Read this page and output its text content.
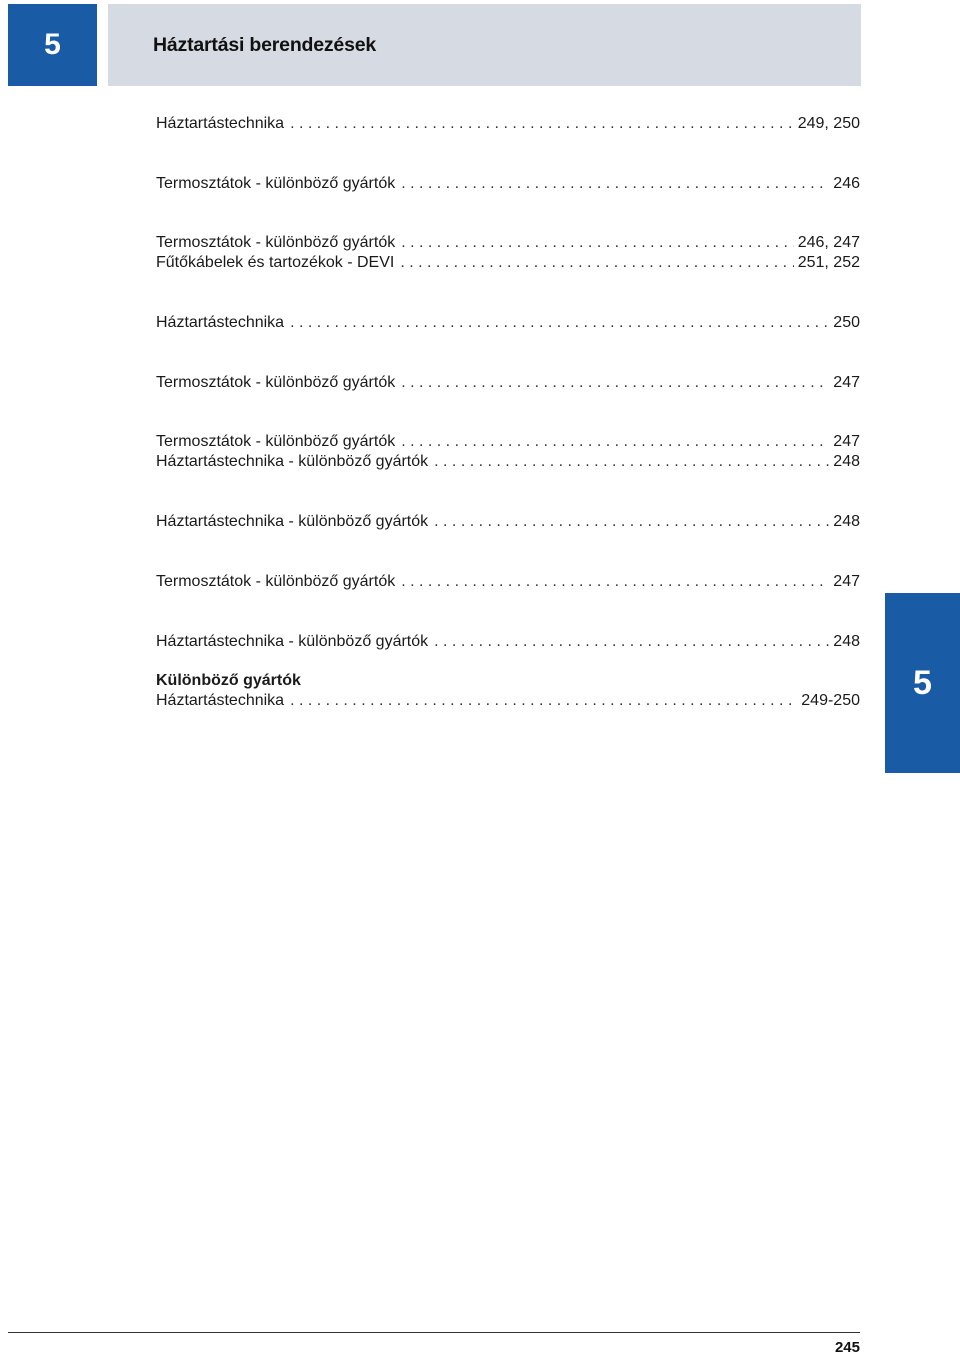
5	Háztartási berendezések
Háztartástechnika . . .	249, 250
Termosztátok - különböző gyártók . . .	246
Termosztátok - különböző gyártók . . .	246, 247
Fűtőkábelek és tartozékok - DEVI . . .	251, 252
Háztartástechnika . . .	250
Termosztátok - különböző gyártók . . .	247
Termosztátok - különböző gyártók . . .	247
Háztartástechnika - különböző gyártók . . .	248
Háztartástechnika - különböző gyártók . . .	248
Termosztátok - különböző gyártók . . .	247
Háztartástechnika - különböző gyártók . . .	248
Különböző gyártók
Háztartástechnika . . .	249-250 5
245
